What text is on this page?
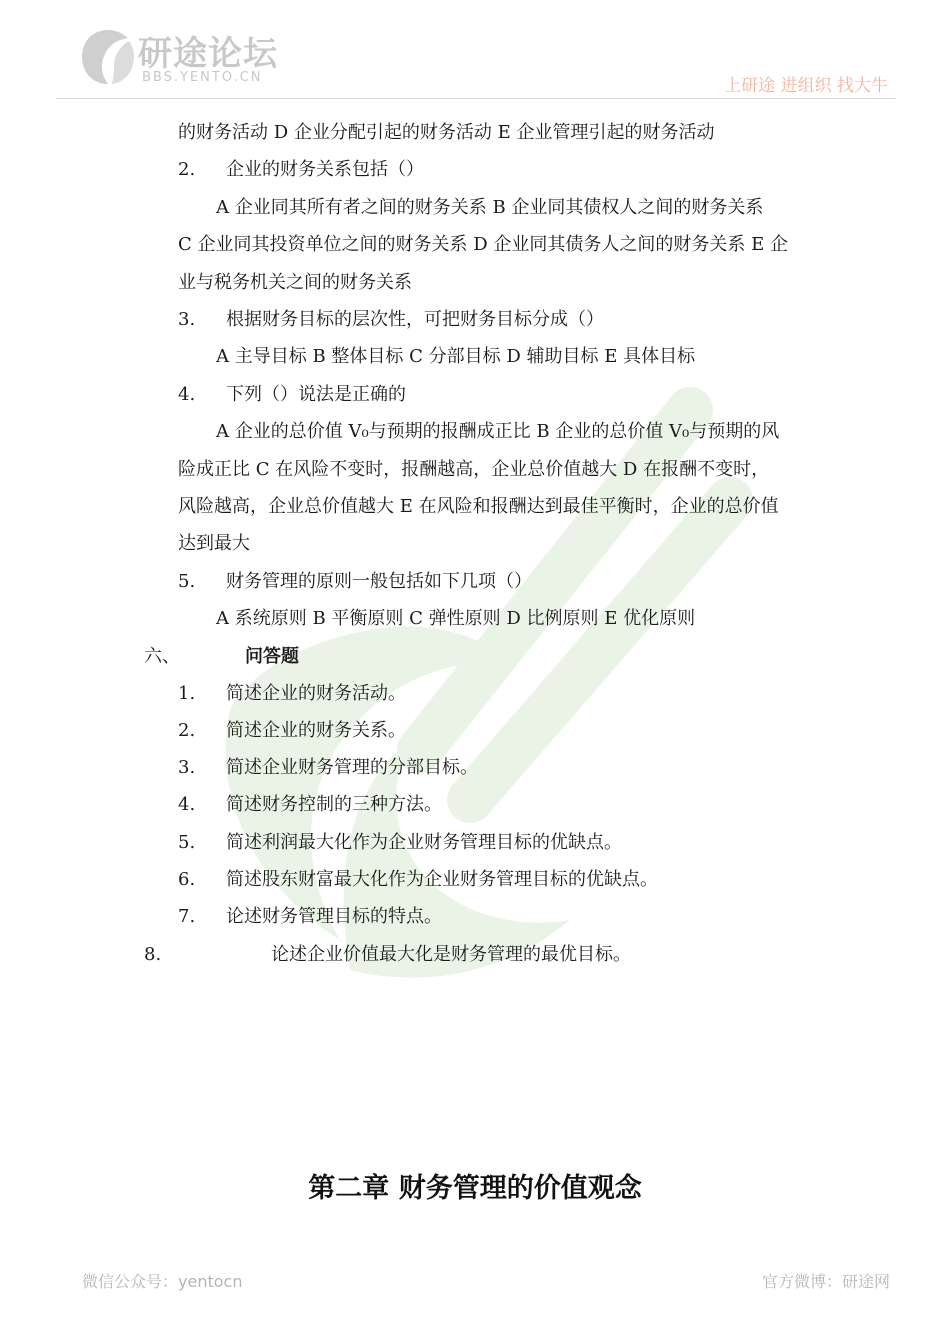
研途论坛
BBS.YENTO.CN	上研途 进组织 找大牛
的财务活动 D 企业分配引起的财务活动 E 企业管理引起的财务活动
2. 企业的财务关系包括（）
A 企业同其所有者之间的财务关系 B 企业同其债权人之间的财务关系
C 企业同其投资单位之间的财务关系 D 企业同其债务人之间的财务关系 E 企
业与税务机关之间的财务关系
3. 根据财务目标的层次性，可把财务目标分成（）
A 主导目标 B 整体目标 C 分部目标 D 辅助目标 E 具体目标
4. 下列（）说法是正确的
A 企业的总价值 V₀与预期的报酬成正比 B 企业的总价值 V₀与预期的风
险成正比 C 在风险不变时，报酬越高，企业总价值越大 D 在报酬不变时，
风险越高，企业总价值越大 E 在风险和报酬达到最佳平衡时，企业的总价值
达到最大
5. 财务管理的原则一般包括如下几项（）
A 系统原则 B 平衡原则 C 弹性原则 D 比例原则 E 优化原则
六、	问答题
1. 简述企业的财务活动。
2. 简述企业的财务关系。
3. 简述企业财务管理的分部目标。
4. 简述财务控制的三种方法。
5. 简述利润最大化作为企业财务管理目标的优缺点。
6. 简述股东财富最大化作为企业财务管理目标的优缺点。
7. 论述财务管理目标的特点。
8.	论述企业价值最大化是财务管理的最优目标。
第二章 财务管理的价值观念
微信公众号：yentocn	官方微博：研途网
